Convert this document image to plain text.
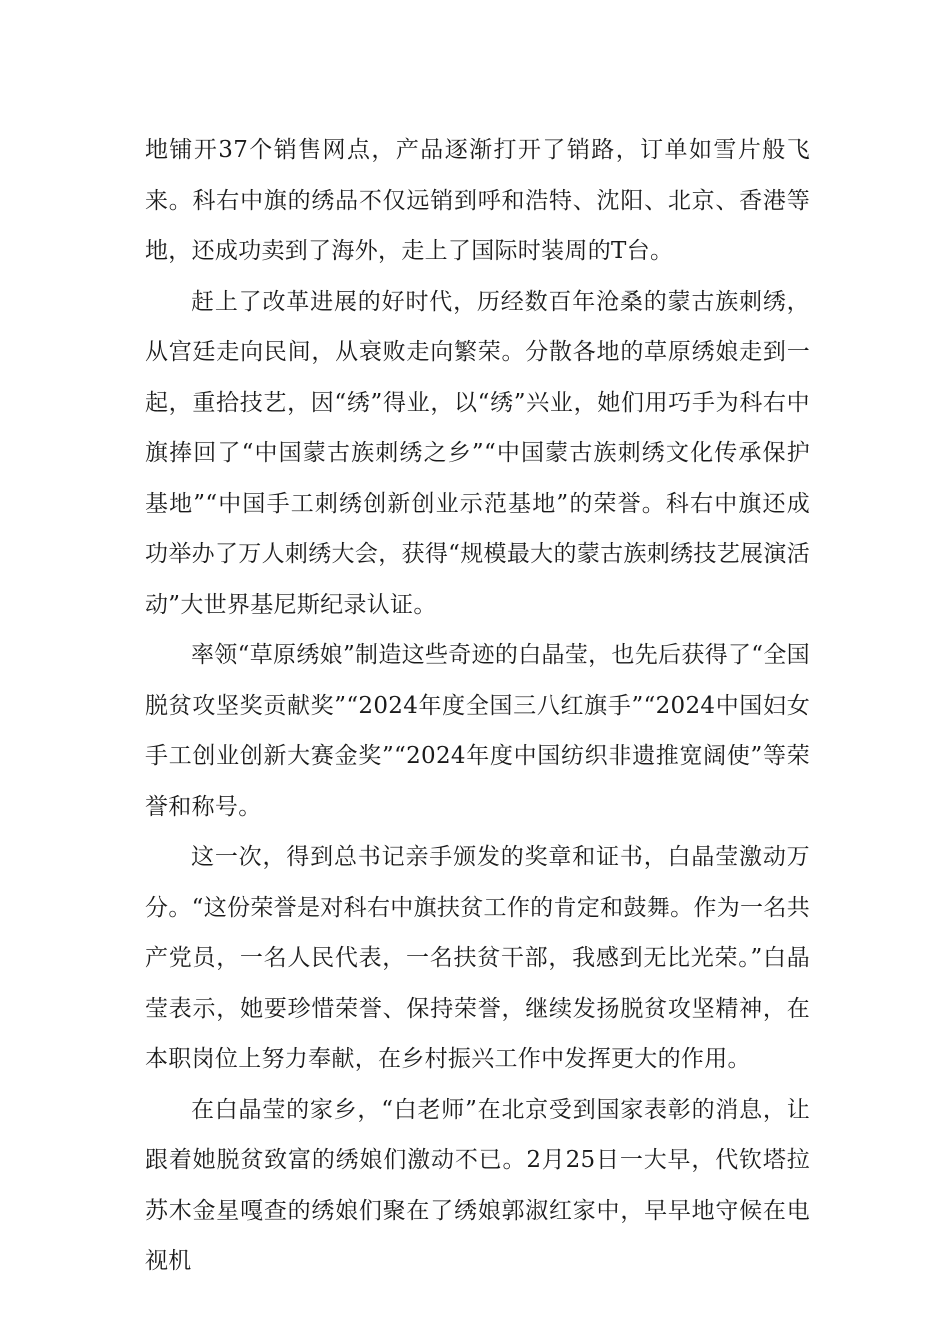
地铺开37个销售网点，产品逐渐打开了销路，订单如雪片般飞来。科右中旗的绣品不仅远销到呼和浩特、沈阳、北京、香港等地，还成功卖到了海外，走上了国际时装周的T台。

赶上了改革进展的好时代，历经数百年沧桑的蒙古族刺绣，从宫廷走向民间，从衰败走向繁荣。分散各地的草原绣娘走到一起，重拾技艺，因“绣”得业，以“绣”兴业，她们用巧手为科右中旗捧回了“中国蒙古族刺绣之乡”“中国蒙古族刺绣文化传承保护基地”“中国手工刺绣创新创业示范基地”的荣誉。科右中旗还成功举办了万人刺绣大会，获得“规模最大的蒙古族刺绣技艺展演活动”大世界基尼斯纪录认证。

率领“草原绣娘”制造这些奇迹的白晶莹，也先后获得了“全国脱贫攻坚奖贡献奖”“2024年度全国三八红旗手”“2024中国妇女手工创业创新大赛金奖”“2024年度中国纺织非遗推宽阔使”等荣誉和称号。

这一次，得到总书记亲手颁发的奖章和证书，白晶莹激动万分。“这份荣誉是对科右中旗扶贫工作的肯定和鼓舞。作为一名共产党员，一名人民代表，一名扶贫干部，我感到无比光荣。”白晶莹表示，她要珍惜荣誉、保持荣誉，继续发扬脱贫攻坚精神，在本职岗位上努力奉献，在乡村振兴工作中发挥更大的作用。

在白晶莹的家乡，“白老师”在北京受到国家表彰的消息，让跟着她脱贫致富的绣娘们激动不已。2月25日一大早，代钦塔拉苏木金星嘎查的绣娘们聚在了绣娘郭淑红家中，早早地守候在电视机
